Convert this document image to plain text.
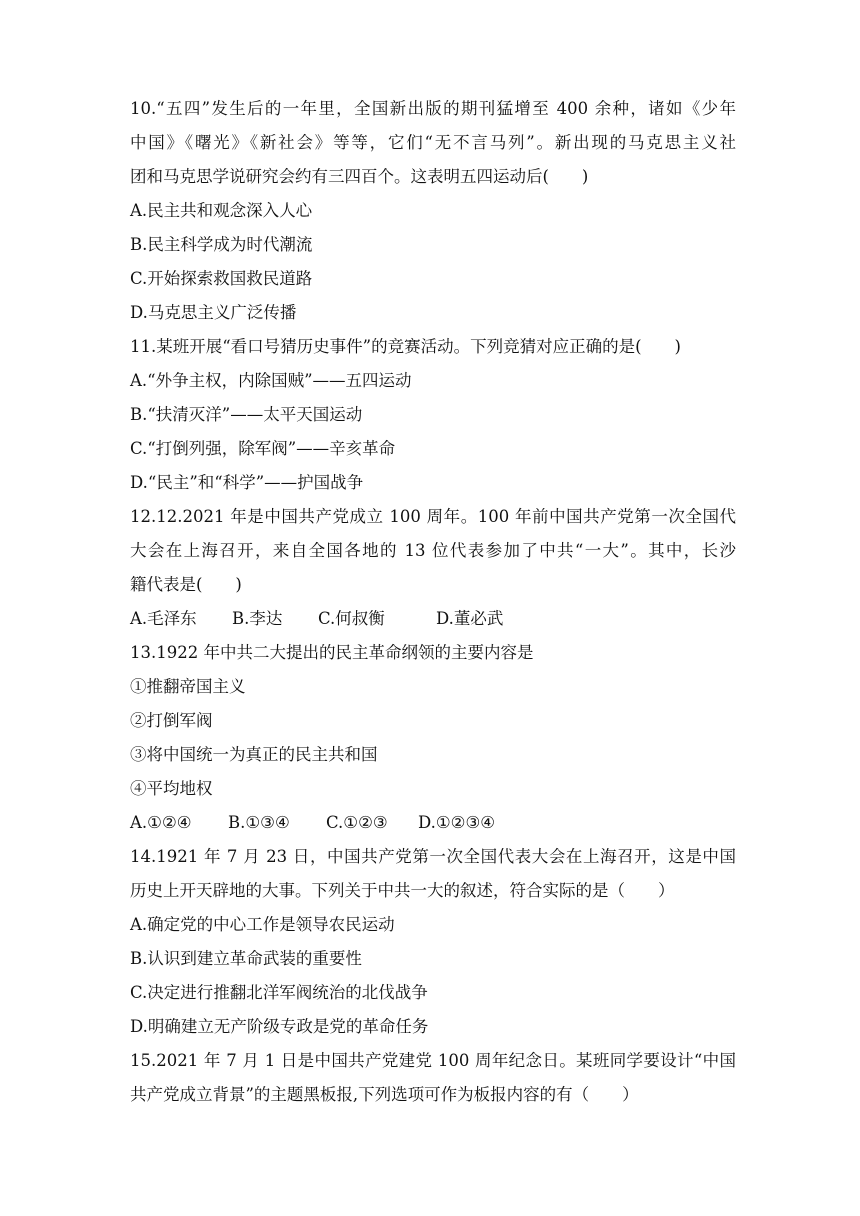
10.“五四”发生后的一年里，全国新出版的期刊猛增至 400 余种，诸如《少年
中国》《曙光》《新社会》等等，它们“无不言马列”。新出现的马克思主义社
团和马克思学说研究会约有三四百个。这表明五四运动后(　　)
A.民主共和观念深入人心
B.民主科学成为时代潮流
C.开始探索救国救民道路
D.马克思主义广泛传播
11.某班开展“看口号猜历史事件”的竞赛活动。下列竞猜对应正确的是(　　)
A.“外争主权，内除国贼”——五四运动
B.“扶清灭洋”——太平天国运动
C.“打倒列强，除军阀”——辛亥革命
D.“民主”和“科学”——护国战争
12.12.2021 年是中国共产党成立 100 周年。100 年前中国共产党第一次全国代
大会在上海召开，来自全国各地的 13 位代表参加了中共“一大”。其中，长沙
籍代表是(　　)
A.毛泽东 B.李达 C.何叔衡	D.董必武
13.1922 年中共二大提出的民主革命纲领的主要内容是
①推翻帝国主义
②打倒军阀
③将中国统一为真正的民主共和国
④平均地权
A.①②④ B.①③④ C.①②③ D.①②③④
14.1921 年 7 月 23 日，中国共产党第一次全国代表大会在上海召开，这是中国
历史上开天辟地的大事。下列关于中共一大的叙述，符合实际的是（　　）
A.确定党的中心工作是领导农民运动
B.认识到建立革命武装的重要性
C.决定进行推翻北洋军阀统治的北伐战争
D.明确建立无产阶级专政是党的革命任务
15.2021 年 7 月 1 日是中国共产党建党 100 周年纪念日。某班同学要设计“中国
共产党成立背景”的主题黑板报,下列选项可作为板报内容的有（　　）
